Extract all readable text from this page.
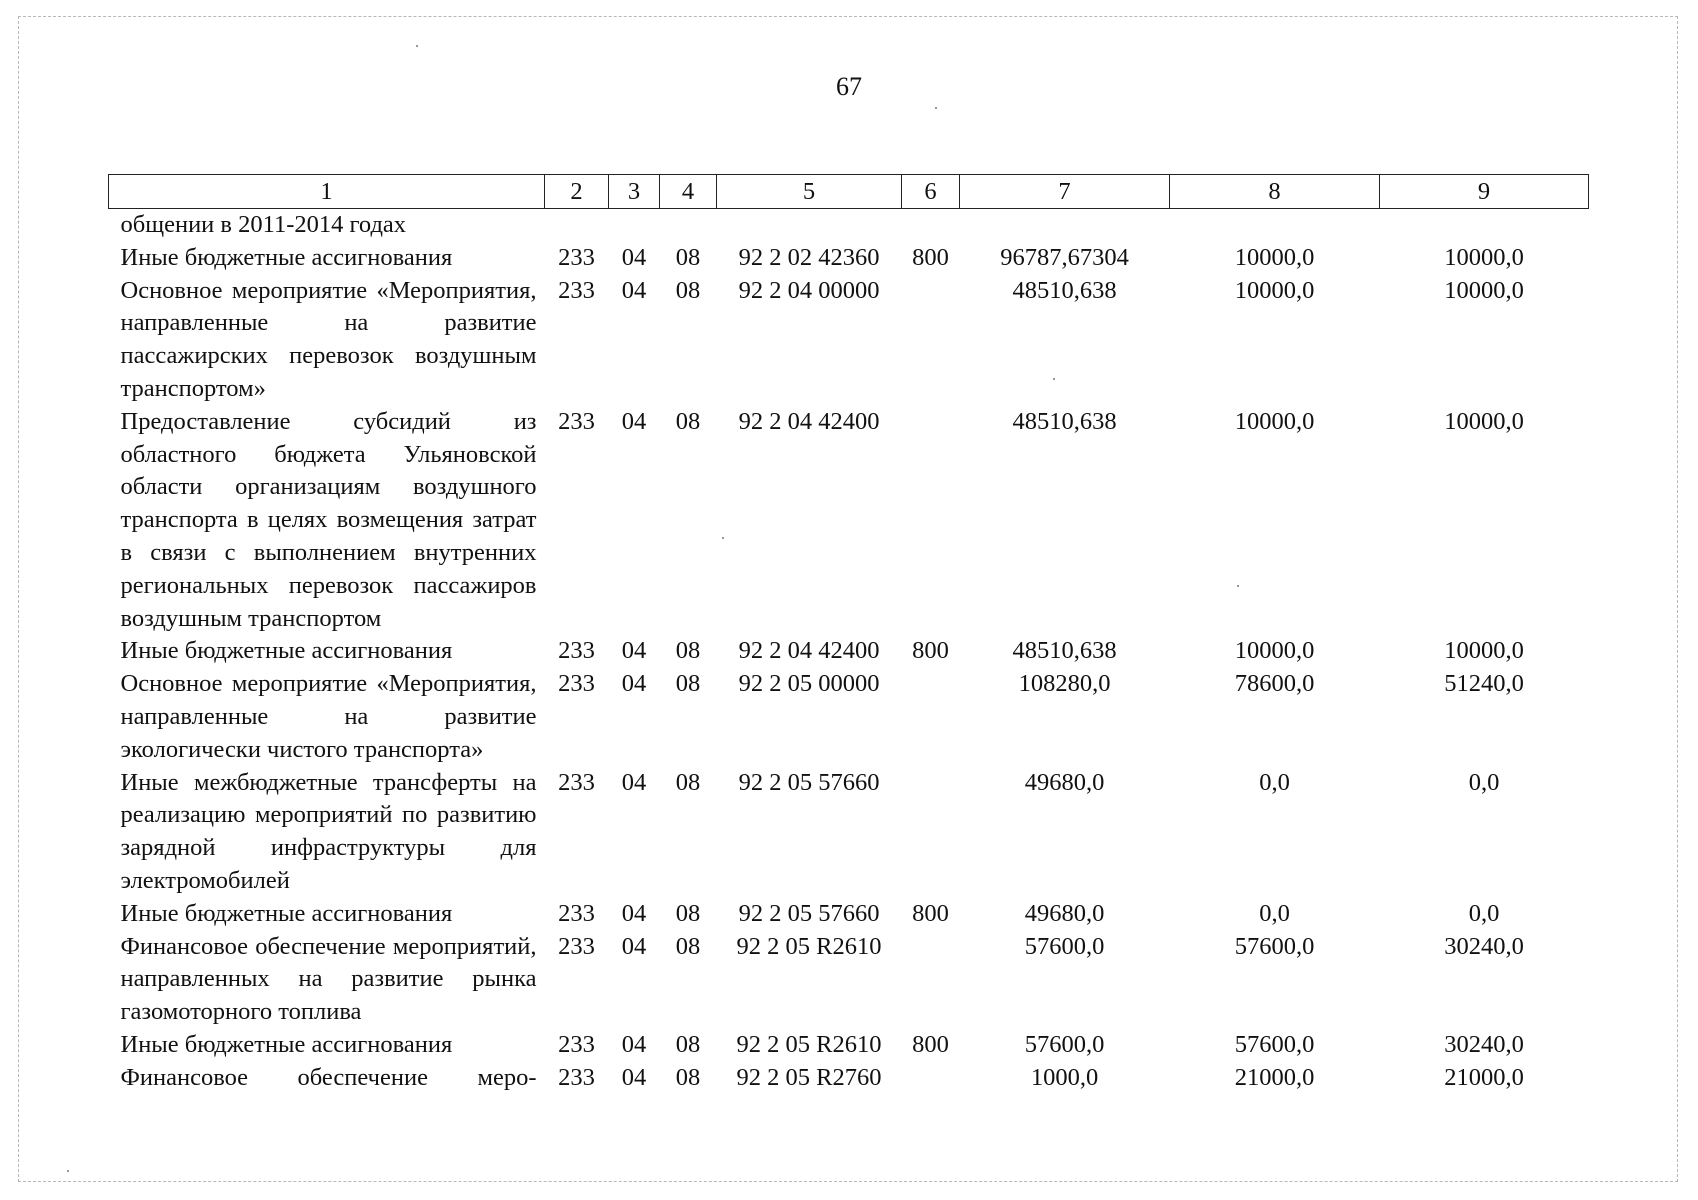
67
1	2	3	4	5	6	7	8	9
общении в 2011-2014 годах								
Иные бюджетные ассигнования	233	04	08	92 2 02 42360	800	96787,67304	10000,0	10000,0
Основное мероприятие «Мероприятия, направленные на развитие пассажирских перевозок воздушным транспортом»	233	04	08	92 2 04 00000		48510,638	10000,0	10000,0
Предоставление субсидий из областного бюджета Ульяновской области организациям воздушного транспорта в целях возмещения затрат в связи с выполнением внутренних региональных перевозок пассажиров воздушным транспортом	233	04	08	92 2 04 42400		48510,638	10000,0	10000,0
Иные бюджетные ассигнования	233	04	08	92 2 04 42400	800	48510,638	10000,0	10000,0
Основное мероприятие «Мероприятия, направленные на развитие экологически чистого транспорта»	233	04	08	92 2 05 00000		108280,0	78600,0	51240,0
Иные межбюджетные трансферты на реализацию мероприятий по развитию зарядной инфраструктуры для электромобилей	233	04	08	92 2 05 57660		49680,0	0,0	0,0
Иные бюджетные ассигнования	233	04	08	92 2 05 57660	800	49680,0	0,0	0,0
Финансовое обеспечение мероприятий, направленных на развитие рынка газомоторного топлива	233	04	08	92 2 05 R2610		57600,0	57600,0	30240,0
Иные бюджетные ассигнования	233	04	08	92 2 05 R2610	800	57600,0	57600,0	30240,0
Финансовое обеспечение меро-	233	04	08	92 2 05 R2760		1000,0	21000,0	21000,0
